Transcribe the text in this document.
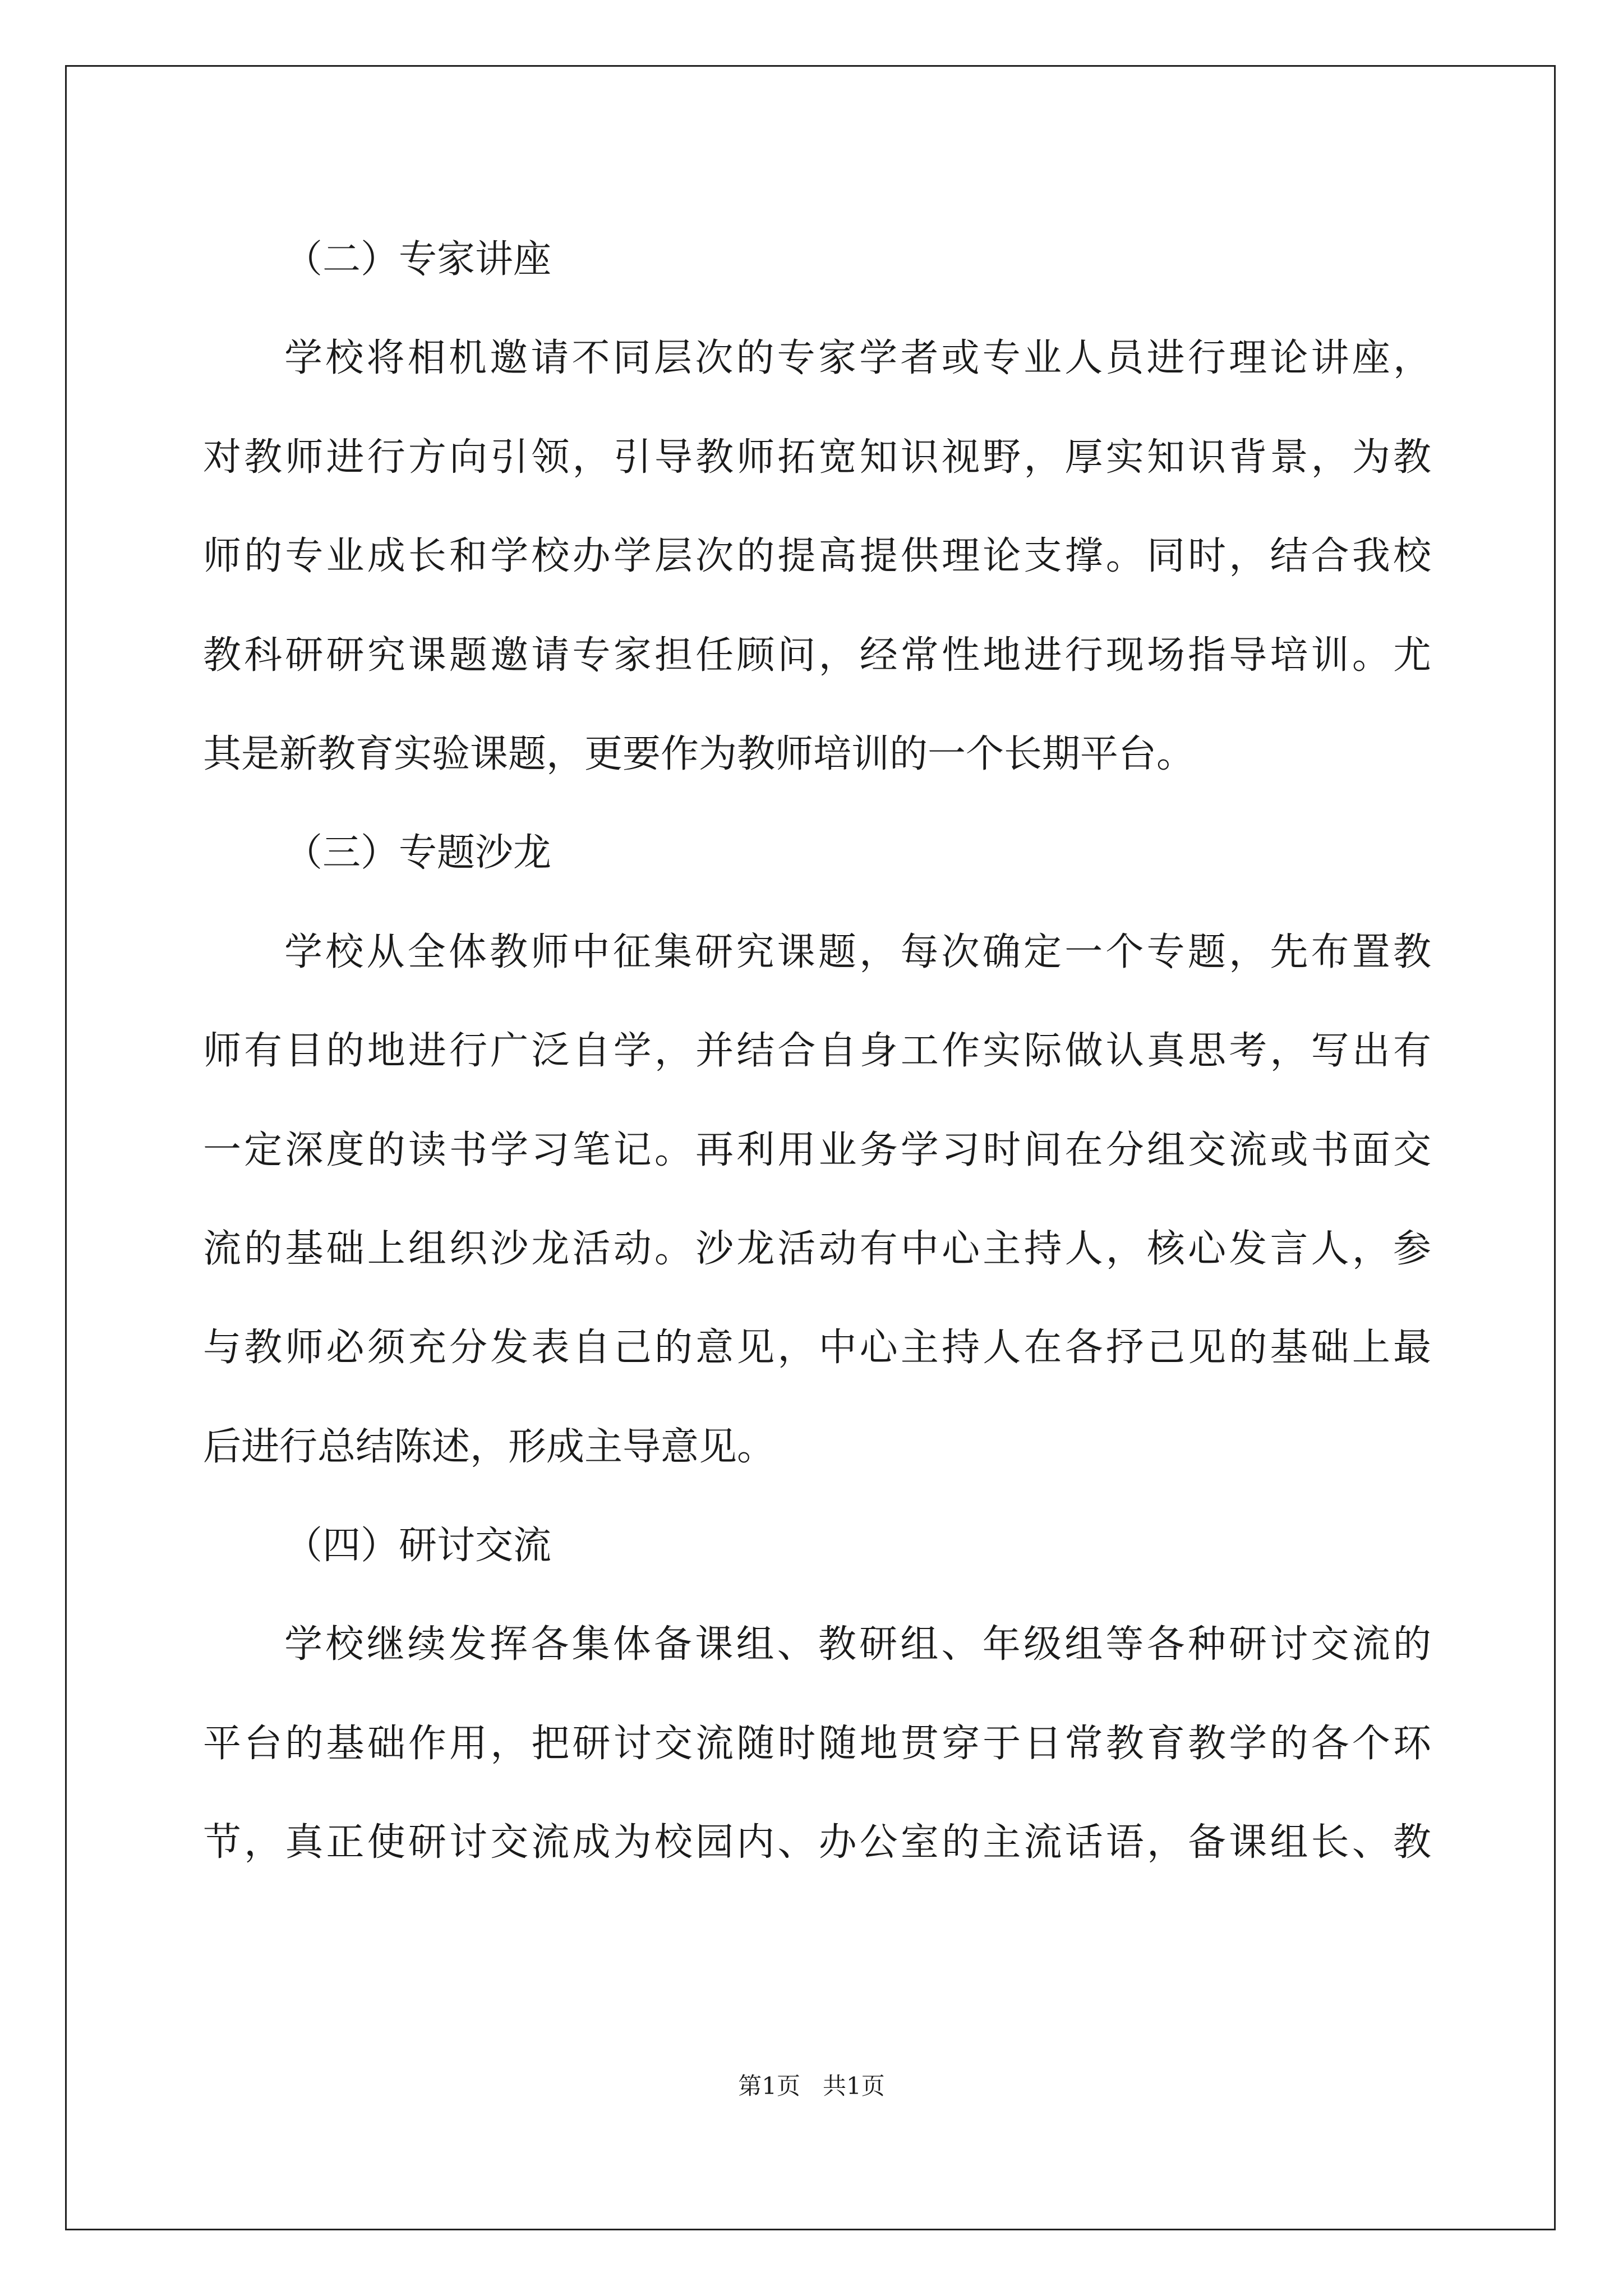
（二）专家讲座
学校将相机邀请不同层次的专家学者或专业人员进行理论讲座，
对教师进行方向引领，引导教师拓宽知识视野，厚实知识背景，为教
师的专业成长和学校办学层次的提高提供理论支撑。同时，结合我校
教科研研究课题邀请专家担任顾问，经常性地进行现场指导培训。尤
其是新教育实验课题，更要作为教师培训的一个长期平台。
（三）专题沙龙
学校从全体教师中征集研究课题，每次确定一个专题，先布置教
师有目的地进行广泛自学，并结合自身工作实际做认真思考，写出有
一定深度的读书学习笔记。再利用业务学习时间在分组交流或书面交
流的基础上组织沙龙活动。沙龙活动有中心主持人，核心发言人，参
与教师必须充分发表自己的意见，中心主持人在各抒己见的基础上最
后进行总结陈述，形成主导意见。
（四）研讨交流
学校继续发挥各集体备课组、教研组、年级组等各种研讨交流的
平台的基础作用，把研讨交流随时随地贯穿于日常教育教学的各个环
节，真正使研讨交流成为校园内、办公室的主流话语，备课组长、教
第1页   共1页
